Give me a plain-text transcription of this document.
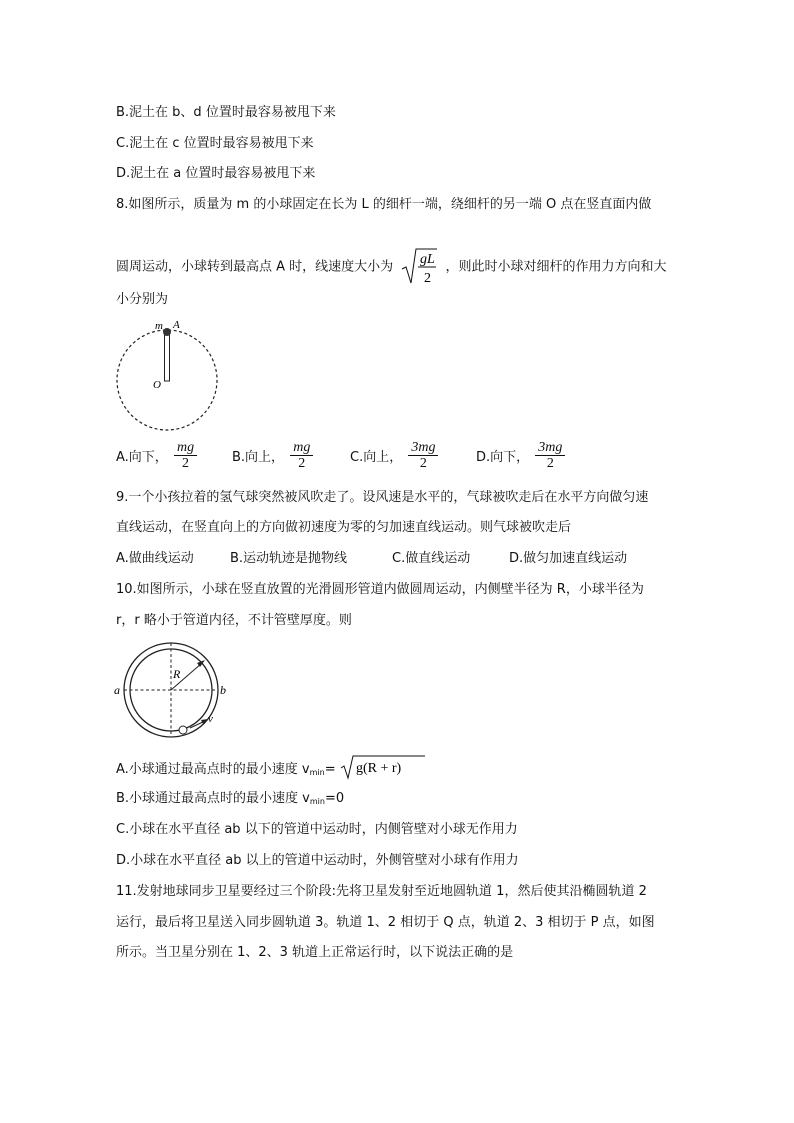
B.泥土在 b、d 位置时最容易被甩下来
C.泥土在 c 位置时最容易被甩下来
D.泥土在 a 位置时最容易被甩下来
8.如图所示，质量为 m 的小球固定在长为 L 的细杆一端，绕细杆的另一端 O 点在竖直面内做
圆周运动，小球转到最高点 A 时，线速度大小为 gL
2
，则此时小球对细杆的作用力方向和大
小分别为
m A
O
A.向下， $\frac{mg}{2}$	B.向上， $\frac{mg}{2}$	C.向上， $\frac{3mg}{2}$	D.向下， $\frac{3mg}{2}$
9.一个小孩拉着的氢气球突然被风吹走了。设风速是水平的，气球被吹走后在水平方向做匀速
直线运动，在竖直向上的方向做初速度为零的匀加速直线运动。则气球被吹走后
A.做曲线运动	B.运动轨迹是抛物线	C.做直线运动	D.做匀加速直线运动
10.如图所示，小球在竖直放置的光滑圆形管道内做圆周运动，内侧壁半径为 R，小球半径为
r，r 略小于管道内径，不计管壁厚度。则
R
a	b
v
A.小球通过最高点时的最小速度 $v_{min}= g(R + r)$
B.小球通过最高点时的最小速度 $v_{min}=0$
C.小球在水平直径 ab 以下的管道中运动时，内侧管壁对小球无作用力
D.小球在水平直径 ab 以上的管道中运动时，外侧管壁对小球有作用力
11.发射地球同步卫星要经过三个阶段:先将卫星发射至近地圆轨道 1，然后使其沿椭圆轨道 2
运行，最后将卫星送入同步圆轨道 3。轨道 1、2 相切于 Q 点，轨道 2、3 相切于 P 点，如图
所示。当卫星分别在 1、2、3 轨道上正常运行时，以下说法正确的是
